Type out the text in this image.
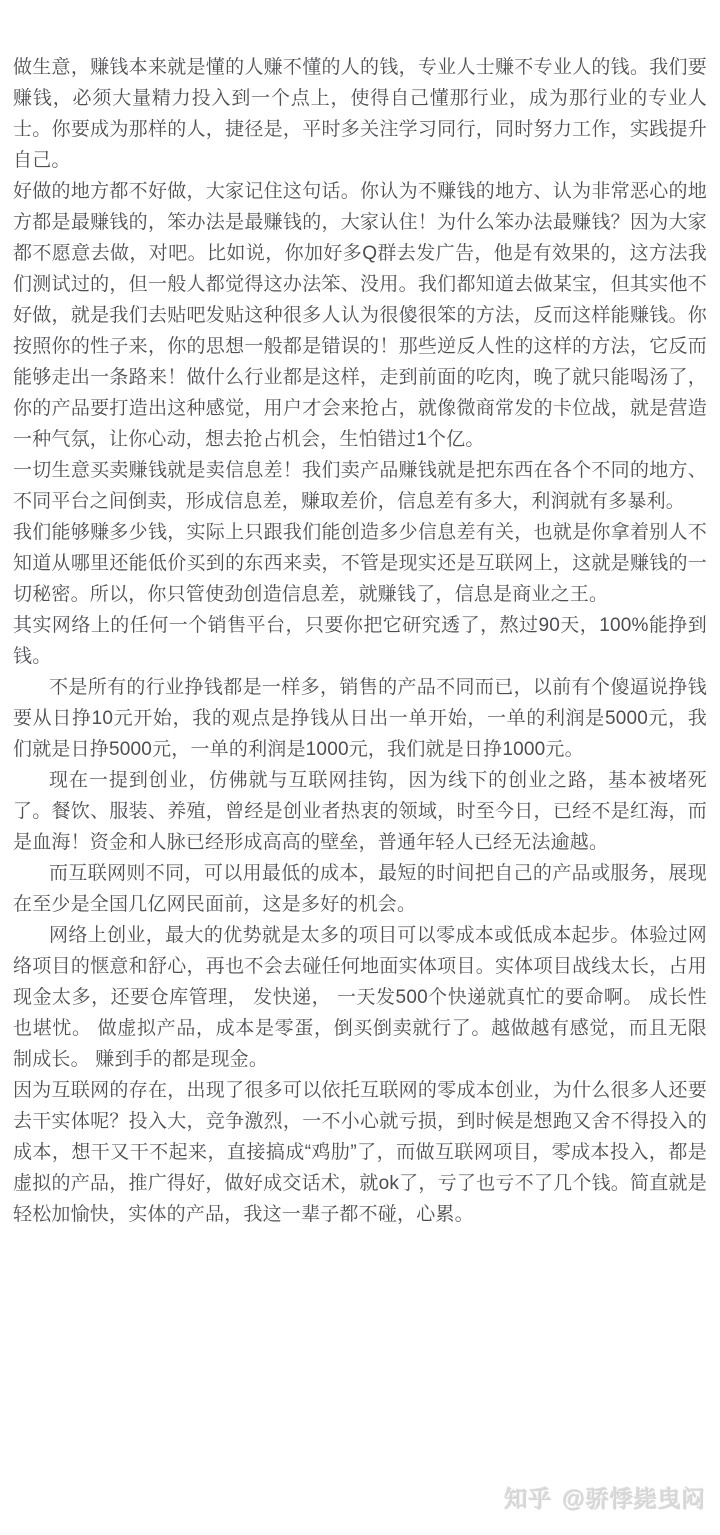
做生意，赚钱本来就是懂的人赚不懂的人的钱，专业人士赚不专业人的钱。我们要赚钱，必须大量精力投入到一个点上，使得自己懂那行业，成为那行业的专业人士。你要成为那样的人，捷径是，平时多关注学习同行，同时努力工作，实践提升自己。

好做的地方都不好做，大家记住这句话。你认为不赚钱的地方、认为非常恶心的地方都是最赚钱的，笨办法是最赚钱的，大家认住！为什么笨办法最赚钱？因为大家都不愿意去做，对吧。比如说，你加好多Q群去发广告，他是有效果的，这方法我们测试过的，但一般人都觉得这办法笨、没用。我们都知道去做某宝，但其实他不好做，就是我们去贴吧发贴这种很多人认为很傻很笨的方法，反而这样能赚钱。你按照你的性子来，你的思想一般都是错误的！那些逆反人性的这样的方法，它反而能够走出一条路来！做什么行业都是这样，走到前面的吃肉，晚了就只能喝汤了，你的产品要打造出这种感觉，用户才会来抢占，就像微商常发的卡位战，就是营造一种气氛，让你心动，想去抢占机会，生怕错过1个亿。

一切生意买卖赚钱就是卖信息差！我们卖产品赚钱就是把东西在各个不同的地方、不同平台之间倒卖，形成信息差，赚取差价，信息差有多大，利润就有多暴利。

我们能够赚多少钱，实际上只跟我们能创造多少信息差有关，也就是你拿着别人不知道从哪里还能低价买到的东西来卖，不管是现实还是互联网上，这就是赚钱的一切秘密。所以，你只管使劲创造信息差，就赚钱了，信息是商业之王。

其实网络上的任何一个销售平台，只要你把它研究透了，熬过90天，100%能挣到钱。

不是所有的行业挣钱都是一样多，销售的产品不同而已，以前有个傻逼说挣钱要从日挣10元开始，我的观点是挣钱从日出一单开始，一单的利润是5000元，我们就是日挣5000元，一单的利润是1000元，我们就是日挣1000元。

现在一提到创业，仿佛就与互联网挂钩，因为线下的创业之路，基本被堵死了。餐饮、服装、养殖，曾经是创业者热衷的领域，时至今日，已经不是红海，而是血海！资金和人脉已经形成高高的壁垒，普通年轻人已经无法逾越。

而互联网则不同，可以用最低的成本，最短的时间把自己的产品或服务，展现在至少是全国几亿网民面前，这是多好的机会。

网络上创业，最大的优势就是太多的项目可以零成本或低成本起步。体验过网络项目的惬意和舒心，再也不会去碰任何地面实体项目。实体项目战线太长，占用现金太多，还要仓库管理， 发快递， 一天发500个快递就真忙的要命啊。 成长性也堪忧。 做虚拟产品，成本是零蛋，倒买倒卖就行了。越做越有感觉，而且无限制成长。 赚到手的都是现金。

因为互联网的存在，出现了很多可以依托互联网的零成本创业，为什么很多人还要去干实体呢？投入大，竞争激烈，一不小心就亏损，到时候是想跑又舍不得投入的成本，想干又干不起来，直接搞成“鸡肋”了，而做互联网项目，零成本投入，都是虚拟的产品，推广得好，做好成交话术，就ok了，亏了也亏不了几个钱。简直就是轻松加愉快，实体的产品，我这一辈子都不碰，心累。

知乎 @骄悸毙曳闷
